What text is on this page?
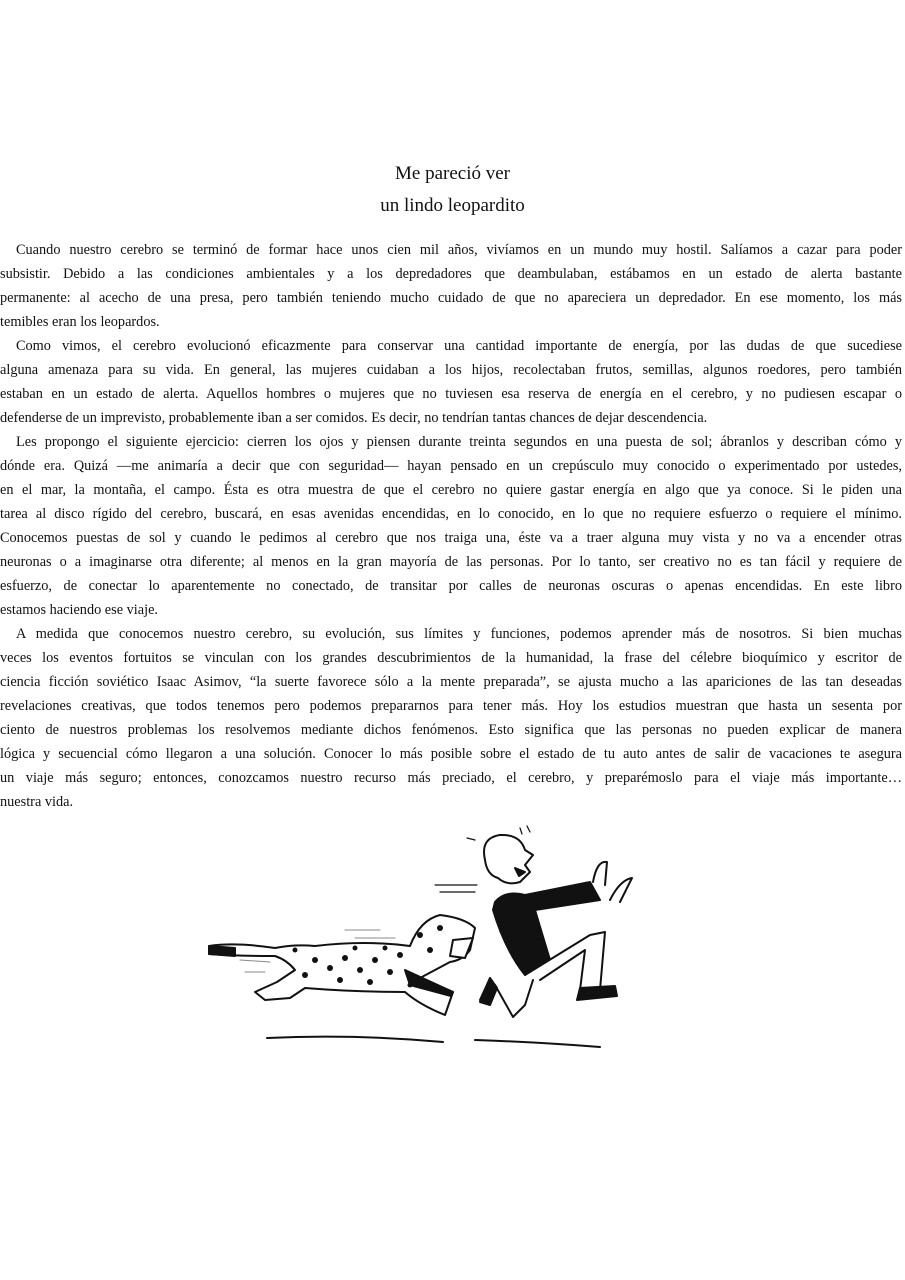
Me pareció ver
un lindo leopardito
Cuando nuestro cerebro se terminó de formar hace unos cien mil años, vivíamos en un mundo muy hostil. Salíamos a cazar para poder
subsistir. Debido a las condiciones ambientales y a los depredadores que deambulaban, estábamos en un estado de alerta bastante
permanente: al acecho de una presa, pero también teniendo mucho cuidado de que no apareciera un depredador. En ese momento, los más
temibles eran los leopardos.
Como vimos, el cerebro evolucionó eficazmente para conservar una cantidad importante de energía, por las dudas de que sucediese
alguna amenaza para su vida. En general, las mujeres cuidaban a los hijos, recolectaban frutos, semillas, algunos roedores, pero también
estaban en un estado de alerta. Aquellos hombres o mujeres que no tuviesen esa reserva de energía en el cerebro, y no pudiesen escapar o
defenderse de un imprevisto, probablemente iban a ser comidos. Es decir, no tendrían tantas chances de dejar descendencia.
Les propongo el siguiente ejercicio: cierren los ojos y piensen durante treinta segundos en una puesta de sol; ábranlos y describan cómo y
dónde era. Quizá —me animaría a decir que con seguridad— hayan pensado en un crepúsculo muy conocido o experimentado por ustedes,
en el mar, la montaña, el campo. Ésta es otra muestra de que el cerebro no quiere gastar energía en algo que ya conoce. Si le piden una
tarea al disco rígido del cerebro, buscará, en esas avenidas encendidas, en lo conocido, en lo que no requiere esfuerzo o requiere el mínimo.
Conocemos puestas de sol y cuando le pedimos al cerebro que nos traiga una, éste va a traer alguna muy vista y no va a encender otras
neuronas o a imaginarse otra diferente; al menos en la gran mayoría de las personas. Por lo tanto, ser creativo no es tan fácil y requiere de
esfuerzo, de conectar lo aparentemente no conectado, de transitar por calles de neuronas oscuras o apenas encendidas. En este libro
estamos haciendo ese viaje.
A medida que conocemos nuestro cerebro, su evolución, sus límites y funciones, podemos aprender más de nosotros. Si bien muchas
veces los eventos fortuitos se vinculan con los grandes descubrimientos de la humanidad, la frase del célebre bioquímico y escritor de
ciencia ficción soviético Isaac Asimov, “la suerte favorece sólo a la mente preparada”, se ajusta mucho a las apariciones de las tan deseadas
revelaciones creativas, que todos tenemos pero podemos prepararnos para tener más. Hoy los estudios muestran que hasta un sesenta por
ciento de nuestros problemas los resolvemos mediante dichos fenómenos. Esto significa que las personas no pueden explicar de manera
lógica y secuencial cómo llegaron a una solución. Conocer lo más posible sobre el estado de tu auto antes de salir de vacaciones te asegura
un viaje más seguro; entonces, conozcamos nuestro recurso más preciado, el cerebro, y preparémoslo para el viaje más importante…
nuestra vida.
